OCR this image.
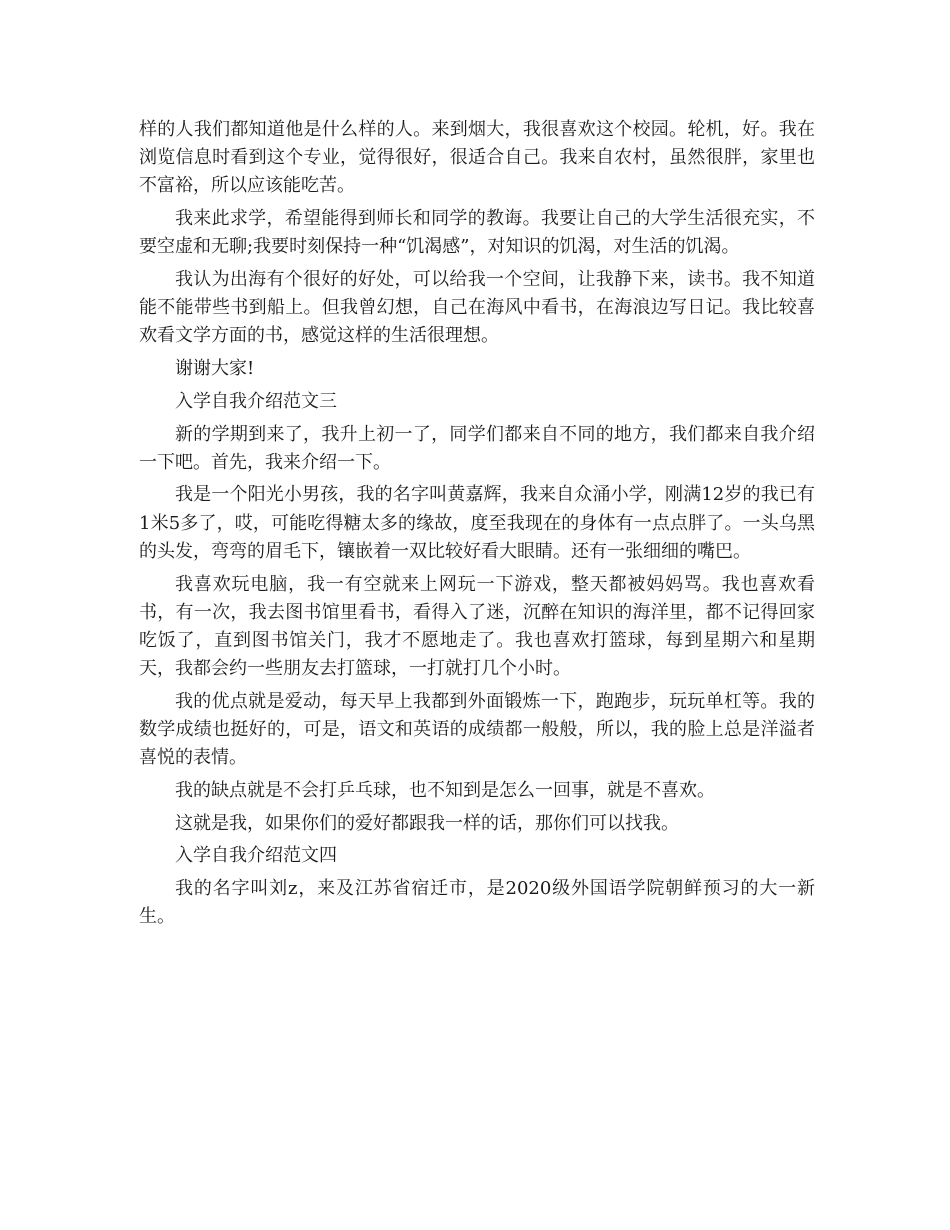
样的人我们都知道他是什么样的人。来到烟大，我很喜欢这个校园。轮机，好。我在浏览信息时看到这个专业，觉得很好，很适合自己。我来自农村，虽然很胖，家里也不富裕，所以应该能吃苦。

我来此求学，希望能得到师长和同学的教诲。我要让自己的大学生活很充实，不要空虚和无聊;我要时刻保持一种“饥渴感”，对知识的饥渴，对生活的饥渴。

我认为出海有个很好的好处，可以给我一个空间，让我静下来，读书。我不知道能不能带些书到船上。但我曾幻想，自己在海风中看书，在海浪边写日记。我比较喜欢看文学方面的书，感觉这样的生活很理想。

谢谢大家!

入学自我介绍范文三

新的学期到来了，我升上初一了，同学们都来自不同的地方，我们都来自我介绍一下吧。首先，我来介绍一下。

我是一个阳光小男孩，我的名字叫黄嘉辉，我来自众涌小学，刚满12岁的我已有1米5多了，哎，可能吃得糖太多的缘故，度至我现在的身体有一点点胖了。一头乌黑的头发，弯弯的眉毛下，镶嵌着一双比较好看大眼睛。还有一张细细的嘴巴。

我喜欢玩电脑，我一有空就来上网玩一下游戏，整天都被妈妈骂。我也喜欢看书，有一次，我去图书馆里看书，看得入了迷，沉醉在知识的海洋里，都不记得回家吃饭了，直到图书馆关门，我才不愿地走了。我也喜欢打篮球，每到星期六和星期天，我都会约一些朋友去打篮球，一打就打几个小时。

我的优点就是爱动，每天早上我都到外面锻炼一下，跑跑步，玩玩单杠等。我的数学成绩也挺好的，可是，语文和英语的成绩都一般般，所以，我的脸上总是洋溢者喜悦的表情。

我的缺点就是不会打乒乓球，也不知到是怎么一回事，就是不喜欢。

这就是我，如果你们的爱好都跟我一样的话，那你们可以找我。

入学自我介绍范文四

我的名字叫刘z，来及江苏省宿迁市，是2020级外国语学院朝鲜预习的大一新生。
